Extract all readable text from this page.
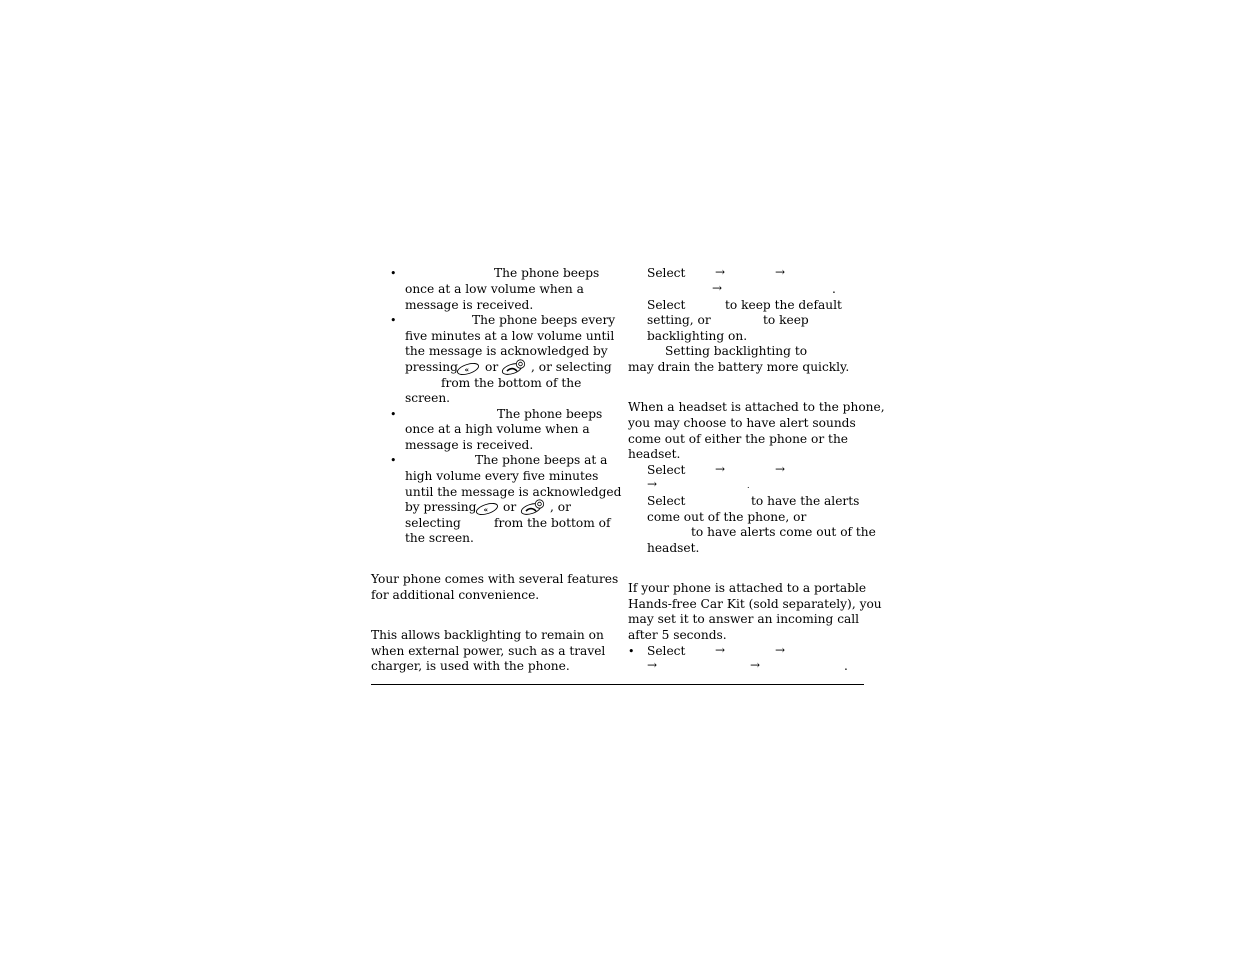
•	The phone beeps
once at a low volume when a
message is received.
•	The phone beeps every
five minutes at a low volume until
the message is acknowledged by
pressing « or	, or selecting
from the bottom of the
screen.
•	The phone beeps
once at a high volume when a
message is received.
•	The phone beeps at a
high volume every five minutes
until the message is acknowledged
by pressing « or	, or
selecting	from the bottom of
the screen.
Your phone comes with several features
for additional convenience.
This allows backlighting to remain on
when external power, such as a travel
charger, is used with the phone.
Select →	→
→	.
Select	to keep the default
setting, or	to keep
backlighting on.
Setting backlighting to
may drain the battery more quickly.
When a headset is attached to the phone,
you may choose to have alert sounds
come out of either the phone or the
headset.
Select →	→
→	.
Select	to have the alerts
come out of the phone, or
to have alerts come out of the
headset.
If your phone is attached to a portable
Hands-free Car Kit (sold separately), you
may set it to answer an incoming call
after 5 seconds.
• Select →	→
→	→	.
